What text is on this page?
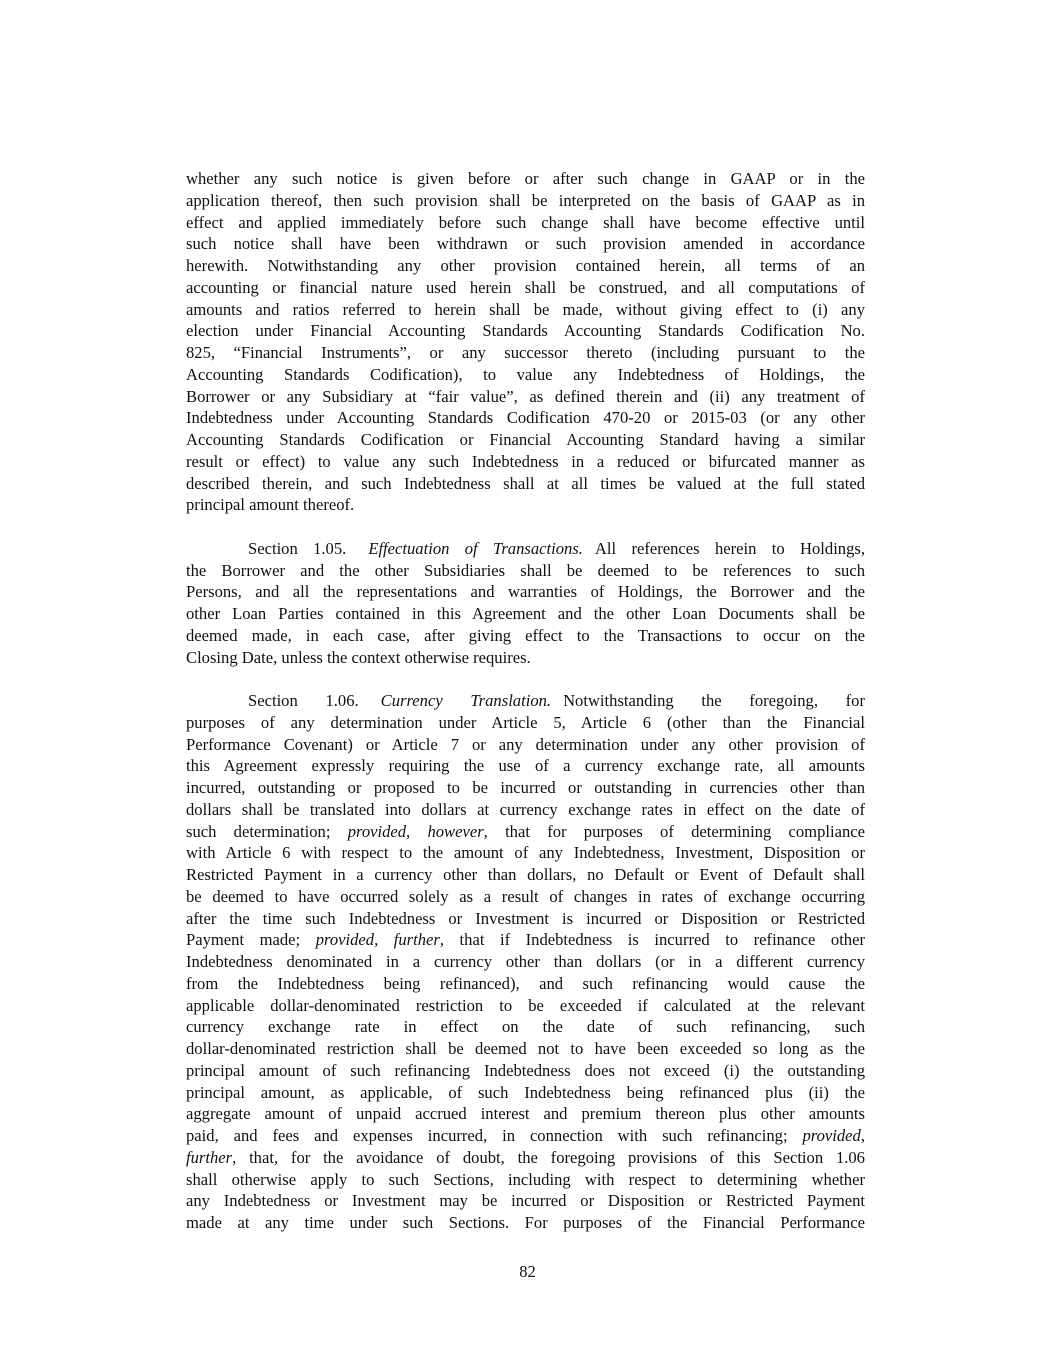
whether any such notice is given before or after such change in GAAP or in the
application thereof, then such provision shall be interpreted on the basis of GAAP as in
effect and applied immediately before such change shall have become effective until
such notice shall have been withdrawn or such provision amended in accordance
herewith. Notwithstanding any other provision contained herein, all terms of an
accounting or financial nature used herein shall be construed, and all computations of
amounts and ratios referred to herein shall be made, without giving effect to (i) any
election under Financial Accounting Standards Accounting Standards Codification No.
825, “Financial Instruments”, or any successor thereto (including pursuant to the
Accounting Standards Codification), to value any Indebtedness of Holdings, the
Borrower or any Subsidiary at “fair value”, as defined therein and (ii) any treatment of
Indebtedness under Accounting Standards Codification 470-20 or 2015-03 (or any other
Accounting Standards Codification or Financial Accounting Standard having a similar
result or effect) to value any such Indebtedness in a reduced or bifurcated manner as
described therein, and such Indebtedness shall at all times be valued at the full stated
principal amount thereof.
Section 1.05. Effectuation of Transactions. All references herein to Holdings,
the Borrower and the other Subsidiaries shall be deemed to be references to such
Persons, and all the representations and warranties of Holdings, the Borrower and the
other Loan Parties contained in this Agreement and the other Loan Documents shall be
deemed made, in each case, after giving effect to the Transactions to occur on the
Closing Date, unless the context otherwise requires.
Section 1.06. Currency Translation. Notwithstanding the foregoing, for
purposes of any determination under Article 5, Article 6 (other than the Financial
Performance Covenant) or Article 7 or any determination under any other provision of
this Agreement expressly requiring the use of a currency exchange rate, all amounts
incurred, outstanding or proposed to be incurred or outstanding in currencies other than
dollars shall be translated into dollars at currency exchange rates in effect on the date of
such determination; provided, however, that for purposes of determining compliance
with Article 6 with respect to the amount of any Indebtedness, Investment, Disposition or
Restricted Payment in a currency other than dollars, no Default or Event of Default shall
be deemed to have occurred solely as a result of changes in rates of exchange occurring
after the time such Indebtedness or Investment is incurred or Disposition or Restricted
Payment made; provided, further, that if Indebtedness is incurred to refinance other
Indebtedness denominated in a currency other than dollars (or in a different currency
from the Indebtedness being refinanced), and such refinancing would cause the
applicable dollar-denominated restriction to be exceeded if calculated at the relevant
currency exchange rate in effect on the date of such refinancing, such
dollar-denominated restriction shall be deemed not to have been exceeded so long as the
principal amount of such refinancing Indebtedness does not exceed (i) the outstanding
principal amount, as applicable, of such Indebtedness being refinanced plus (ii) the
aggregate amount of unpaid accrued interest and premium thereon plus other amounts
paid, and fees and expenses incurred, in connection with such refinancing; provided,
further, that, for the avoidance of doubt, the foregoing provisions of this Section 1.06
shall otherwise apply to such Sections, including with respect to determining whether
any Indebtedness or Investment may be incurred or Disposition or Restricted Payment
made at any time under such Sections. For purposes of the Financial Performance
82
